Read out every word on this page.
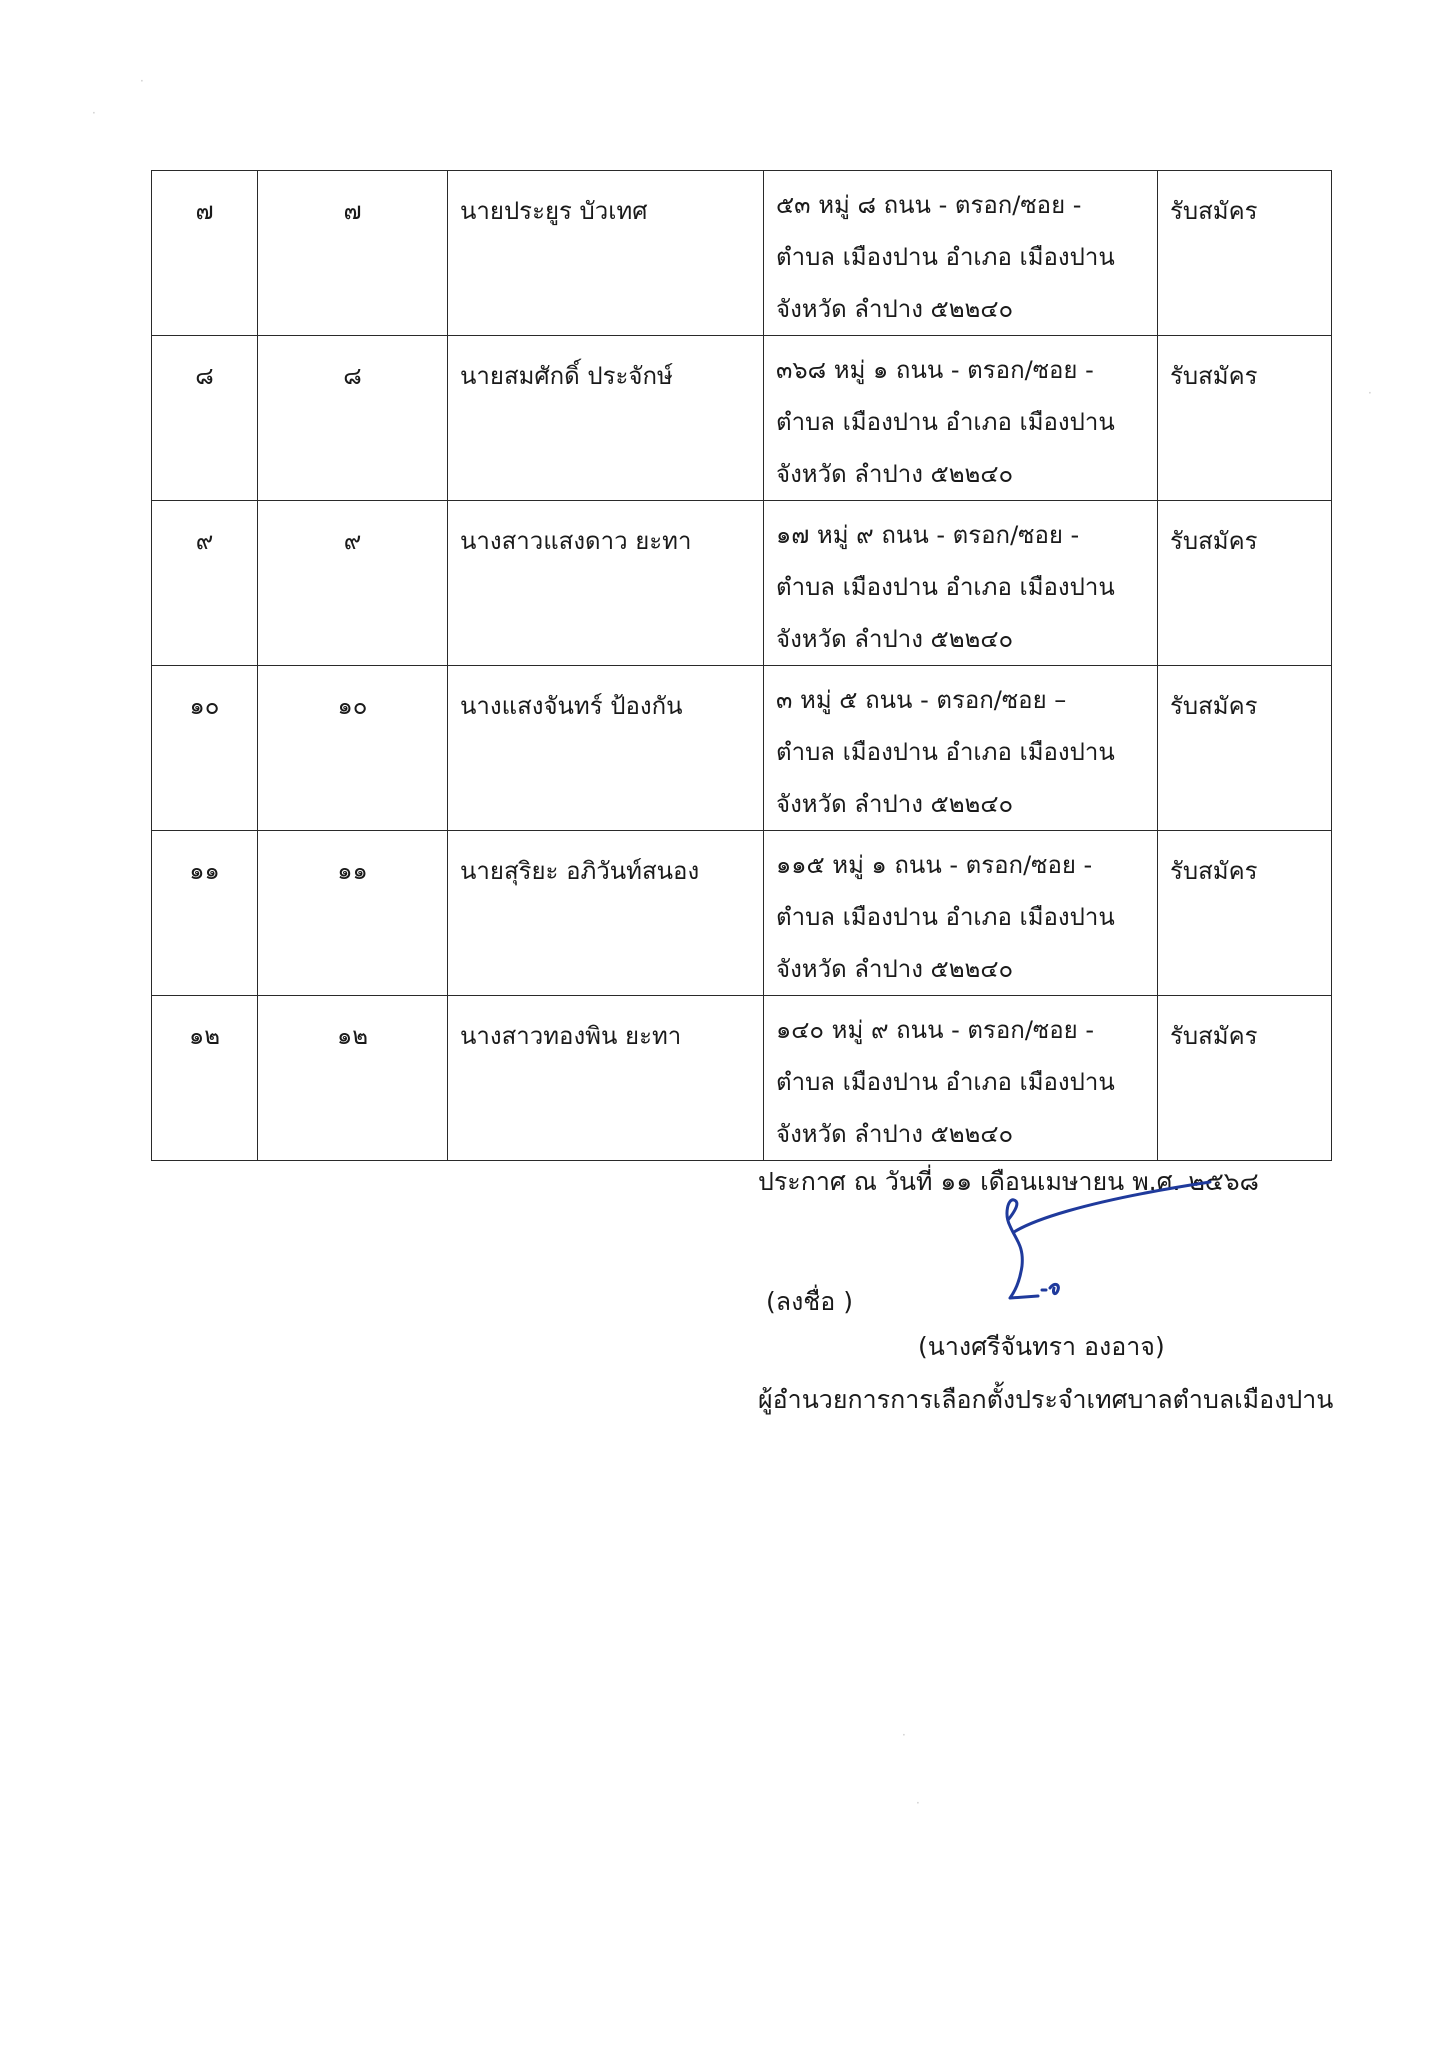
·
·
·
·
·
๗	๗	นายประยูร บัวเทศ	๕๓ หมู่ ๘ ถนน - ตรอก/ซอย -
ตำบล เมืองปาน อำเภอ เมืองปาน
จังหวัด ลำปาง ๕๒๒๔๐	รับสมัคร
๘	๘	นายสมศักดิ์ ประจักษ์	๓๖๘ หมู่ ๑ ถนน - ตรอก/ซอย -
ตำบล เมืองปาน อำเภอ เมืองปาน
จังหวัด ลำปาง ๕๒๒๔๐	รับสมัคร
๙	๙	นางสาวแสงดาว ยะทา	๑๗ หมู่ ๙ ถนน - ตรอก/ซอย -
ตำบล เมืองปาน อำเภอ เมืองปาน
จังหวัด ลำปาง ๕๒๒๔๐	รับสมัคร
๑๐	๑๐	นางแสงจันทร์ ป้องกัน	๓ หมู่ ๕ ถนน - ตรอก/ซอย –
ตำบล เมืองปาน อำเภอ เมืองปาน
จังหวัด ลำปาง ๕๒๒๔๐	รับสมัคร
๑๑	๑๑	นายสุริยะ อภิวันท์สนอง	๑๑๕ หมู่ ๑ ถนน - ตรอก/ซอย -
ตำบล เมืองปาน อำเภอ เมืองปาน
จังหวัด ลำปาง ๕๒๒๔๐	รับสมัคร
๑๒	๑๒	นางสาวทองพิน ยะทา	๑๔๐ หมู่ ๙ ถนน - ตรอก/ซอย -
ตำบล เมืองปาน อำเภอ เมืองปาน
จังหวัด ลำปาง ๕๒๒๔๐	รับสมัคร
ประกาศ ณ วันที่ ๑๑ เดือนเมษายน พ.ศ. ๒๕๖๘
(ลงชื่อ )
(นางศรีจันทรา องอาจ)
ผู้อำนวยการการเลือกตั้งประจำเทศบาลตำบลเมืองปาน
